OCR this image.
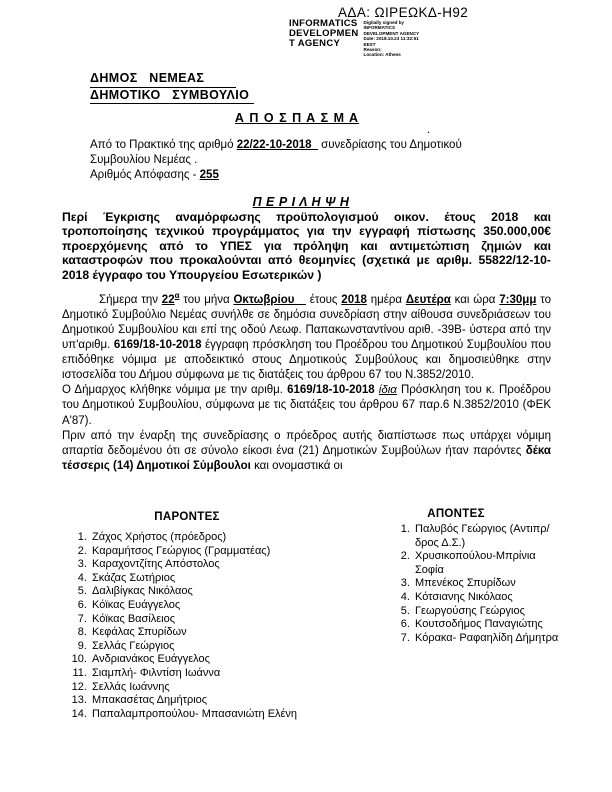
ΑΔΑ: ΩΙΡΕΩΚΔ-Η92
INFORMATICS
DEVELOPMEN
T AGENCY
Digitally signed by
INFORMATICS
DEVELOPMENT AGENCY
Date: 2018.10.23 11:32:51
EEST
Reason:
Location: Athens
.
ΔΗΜΟΣ   ΝΕΜΕΑΣ
ΔΗΜΟΤΙΚΟ   ΣΥΜΒΟΥΛΙΟ
Α Π Ο Σ Π Α Σ Μ Α
Από το Πρακτικό της αριθμό 22/22-10-2018   συνεδρίασης του Δημοτικού
Συμβουλίου Νεμέας .
Αριθμός Απόφασης - 255
Π Ε Ρ Ι Λ Η Ψ Η
Περί Έγκρισης αναμόρφωσης προϋπολογισμού οικον. έτους 2018 και τροποποίησης τεχνικού προγράμματος για την εγγραφή πίστωσης 350.000,00€ προερχόμενης από το ΥΠΕΣ για πρόληψη και αντιμετώπιση ζημιών και καταστροφών που προκαλούνται από θεομηνίες (σχετικά με αριθμ. 55822/12-10-2018 έγγραφο του Υπουργείου Εσωτερικών )

Σήμερα την $22^\alpha$ του μήνα Οκτωβρίου    έτους 2018 ημέρα Δευτέρα και ώρα 7:30μμ το Δημοτικό Συμβούλιο Νεμέας συνήλθε σε δημόσια συνεδρίαση στην αίθουσα συνεδριάσεων του Δημοτικού Συμβουλίου και επί της οδού Λεωφ. Παπακωνσταντίνου αριθ. -39Β- ύστερα από την υπ'αριθμ. 6169/18-10-2018 έγγραφη πρόσκληση του Προέδρου του Δημοτικού Συμβουλίου που επιδόθηκε νόμιμα με αποδεικτικό στους Δημοτικούς Συμβούλους και δημοσιεύθηκε στην ιστοσελίδα του Δήμου σύμφωνα με τις διατάξεις του άρθρου 67 του Ν.3852/2010.

Ο Δήμαρχος κλήθηκε νόμιμα με την αριθμ. 6169/18-10-2018 ίδια Πρόσκληση του κ. Προέδρου του Δημοτικού Συμβουλίου, σύμφωνα με τις διατάξεις του άρθρου 67 παρ.6 Ν.3852/2010 (ΦΕΚ Α'87).

Πριν από την έναρξη της συνεδρίασης ο πρόεδρος αυτής διαπίστωσε πως υπάρχει νόμιμη απαρτία δεδομένου ότι σε σύνολο είκοσι ένα (21) Δημοτικών Συμβούλων ήταν παρόντες δέκα τέσσερις (14) Δημοτικοί Σύμβουλοι και ονομαστικά οι

ΠΑΡΟΝΤΕΣ
1. Ζάχος Χρήστος (πρόεδρος)
2. Καραμήτσος Γεώργιος (Γραμματέας)
3. Καραχοντζίτης Απόστολος
4. Σκάζας Σωτήριος
5. Δαλιβίγκας Νικόλαος
6. Κόϊκας Ευάγγελος
7. Κόϊκας Βασίλειος
8. Κεφάλας Σπυρίδων
9. Σελλάς Γεώργιος
10. Ανδριανάκος Ευάγγελος
11. Σιαμπλή- Φιλντίση Ιωάννα
12. Σελλάς Ιωάννης
13. Μπακασέτας Δημήτριος
14. Παπαλαμπροπούλου- Μπασανιώτη Ελένη
ΑΠΟΝΤΕΣ
1. Παλυβός Γεώργιος (Αντιπρ/δρος Δ.Σ.)
2. Χρυσικοπούλου-Μπρίνια Σοφία
3. Μπενέκος Σπυρίδων
4. Κότσιανης Νικόλαος
5. Γεωργούσης Γεώργιος
6. Κουτσοδήμος Παναγιώτης
7. Κόρακα- Ραφαηλίδη Δήμητρα
